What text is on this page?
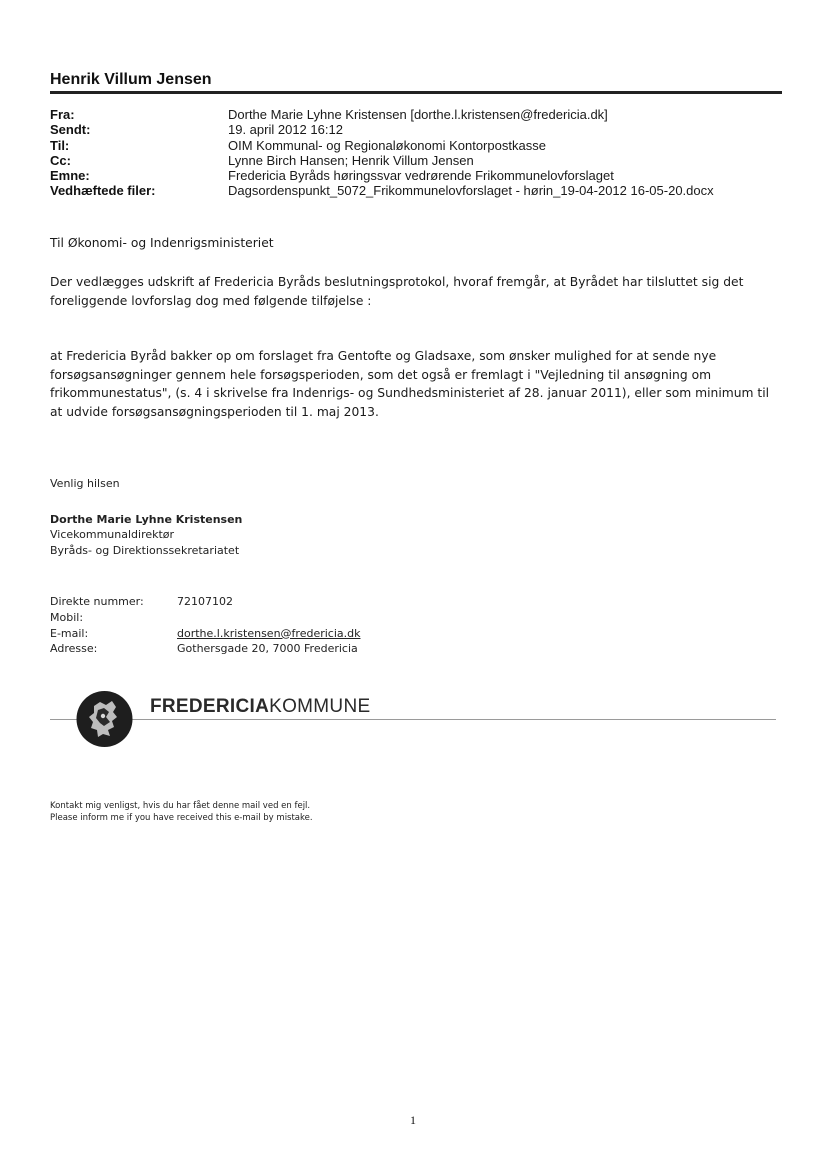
Henrik Villum Jensen
Fra:	Dorthe Marie Lyhne Kristensen [dorthe.l.kristensen@fredericia.dk]
Sendt:	19. april 2012 16:12
Til:	OIM Kommunal- og Regionaløkonomi Kontorpostkasse
Cc:	Lynne Birch Hansen; Henrik Villum Jensen
Emne:	Fredericia Byråds høringssvar vedrørende Frikommunelovforslaget
Vedhæftede filer:	Dagsordenspunkt_5072_Frikommunelovforslaget - hørin_19-04-2012 16-05-20.docx
Til Økonomi- og Indenrigsministeriet
Der vedlægges udskrift af Fredericia Byråds beslutningsprotokol, hvoraf fremgår, at Byrådet har tilsluttet sig det
foreliggende lovforslag dog med følgende tilføjelse :
at Fredericia Byråd bakker op om forslaget fra Gentofte og Gladsaxe, som ønsker mulighed for at sende nye
forsøgsansøgninger gennem hele forsøgsperioden, som det også er fremlagt i "Vejledning til ansøgning om
frikommunestatus", (s. 4 i skrivelse fra Indenrigs- og Sundhedsministeriet af 28. januar 2011), eller som minimum til
at udvide forsøgsansøgningsperioden til 1. maj 2013.
Venlig hilsen
Dorthe Marie Lyhne Kristensen
Vicekommunaldirektør
Byråds- og Direktionssekretariatet
Direkte nummer:	72107102
Mobil:
E-mail:	dorthe.l.kristensen@fredericia.dk
Adresse:	Gothersgade 20, 7000 Fredericia
FREDERICIAKOMMUNE
Kontakt mig venligst, hvis du har fået denne mail ved en fejl.
Please inform me if you have received this e-mail by mistake.
1
